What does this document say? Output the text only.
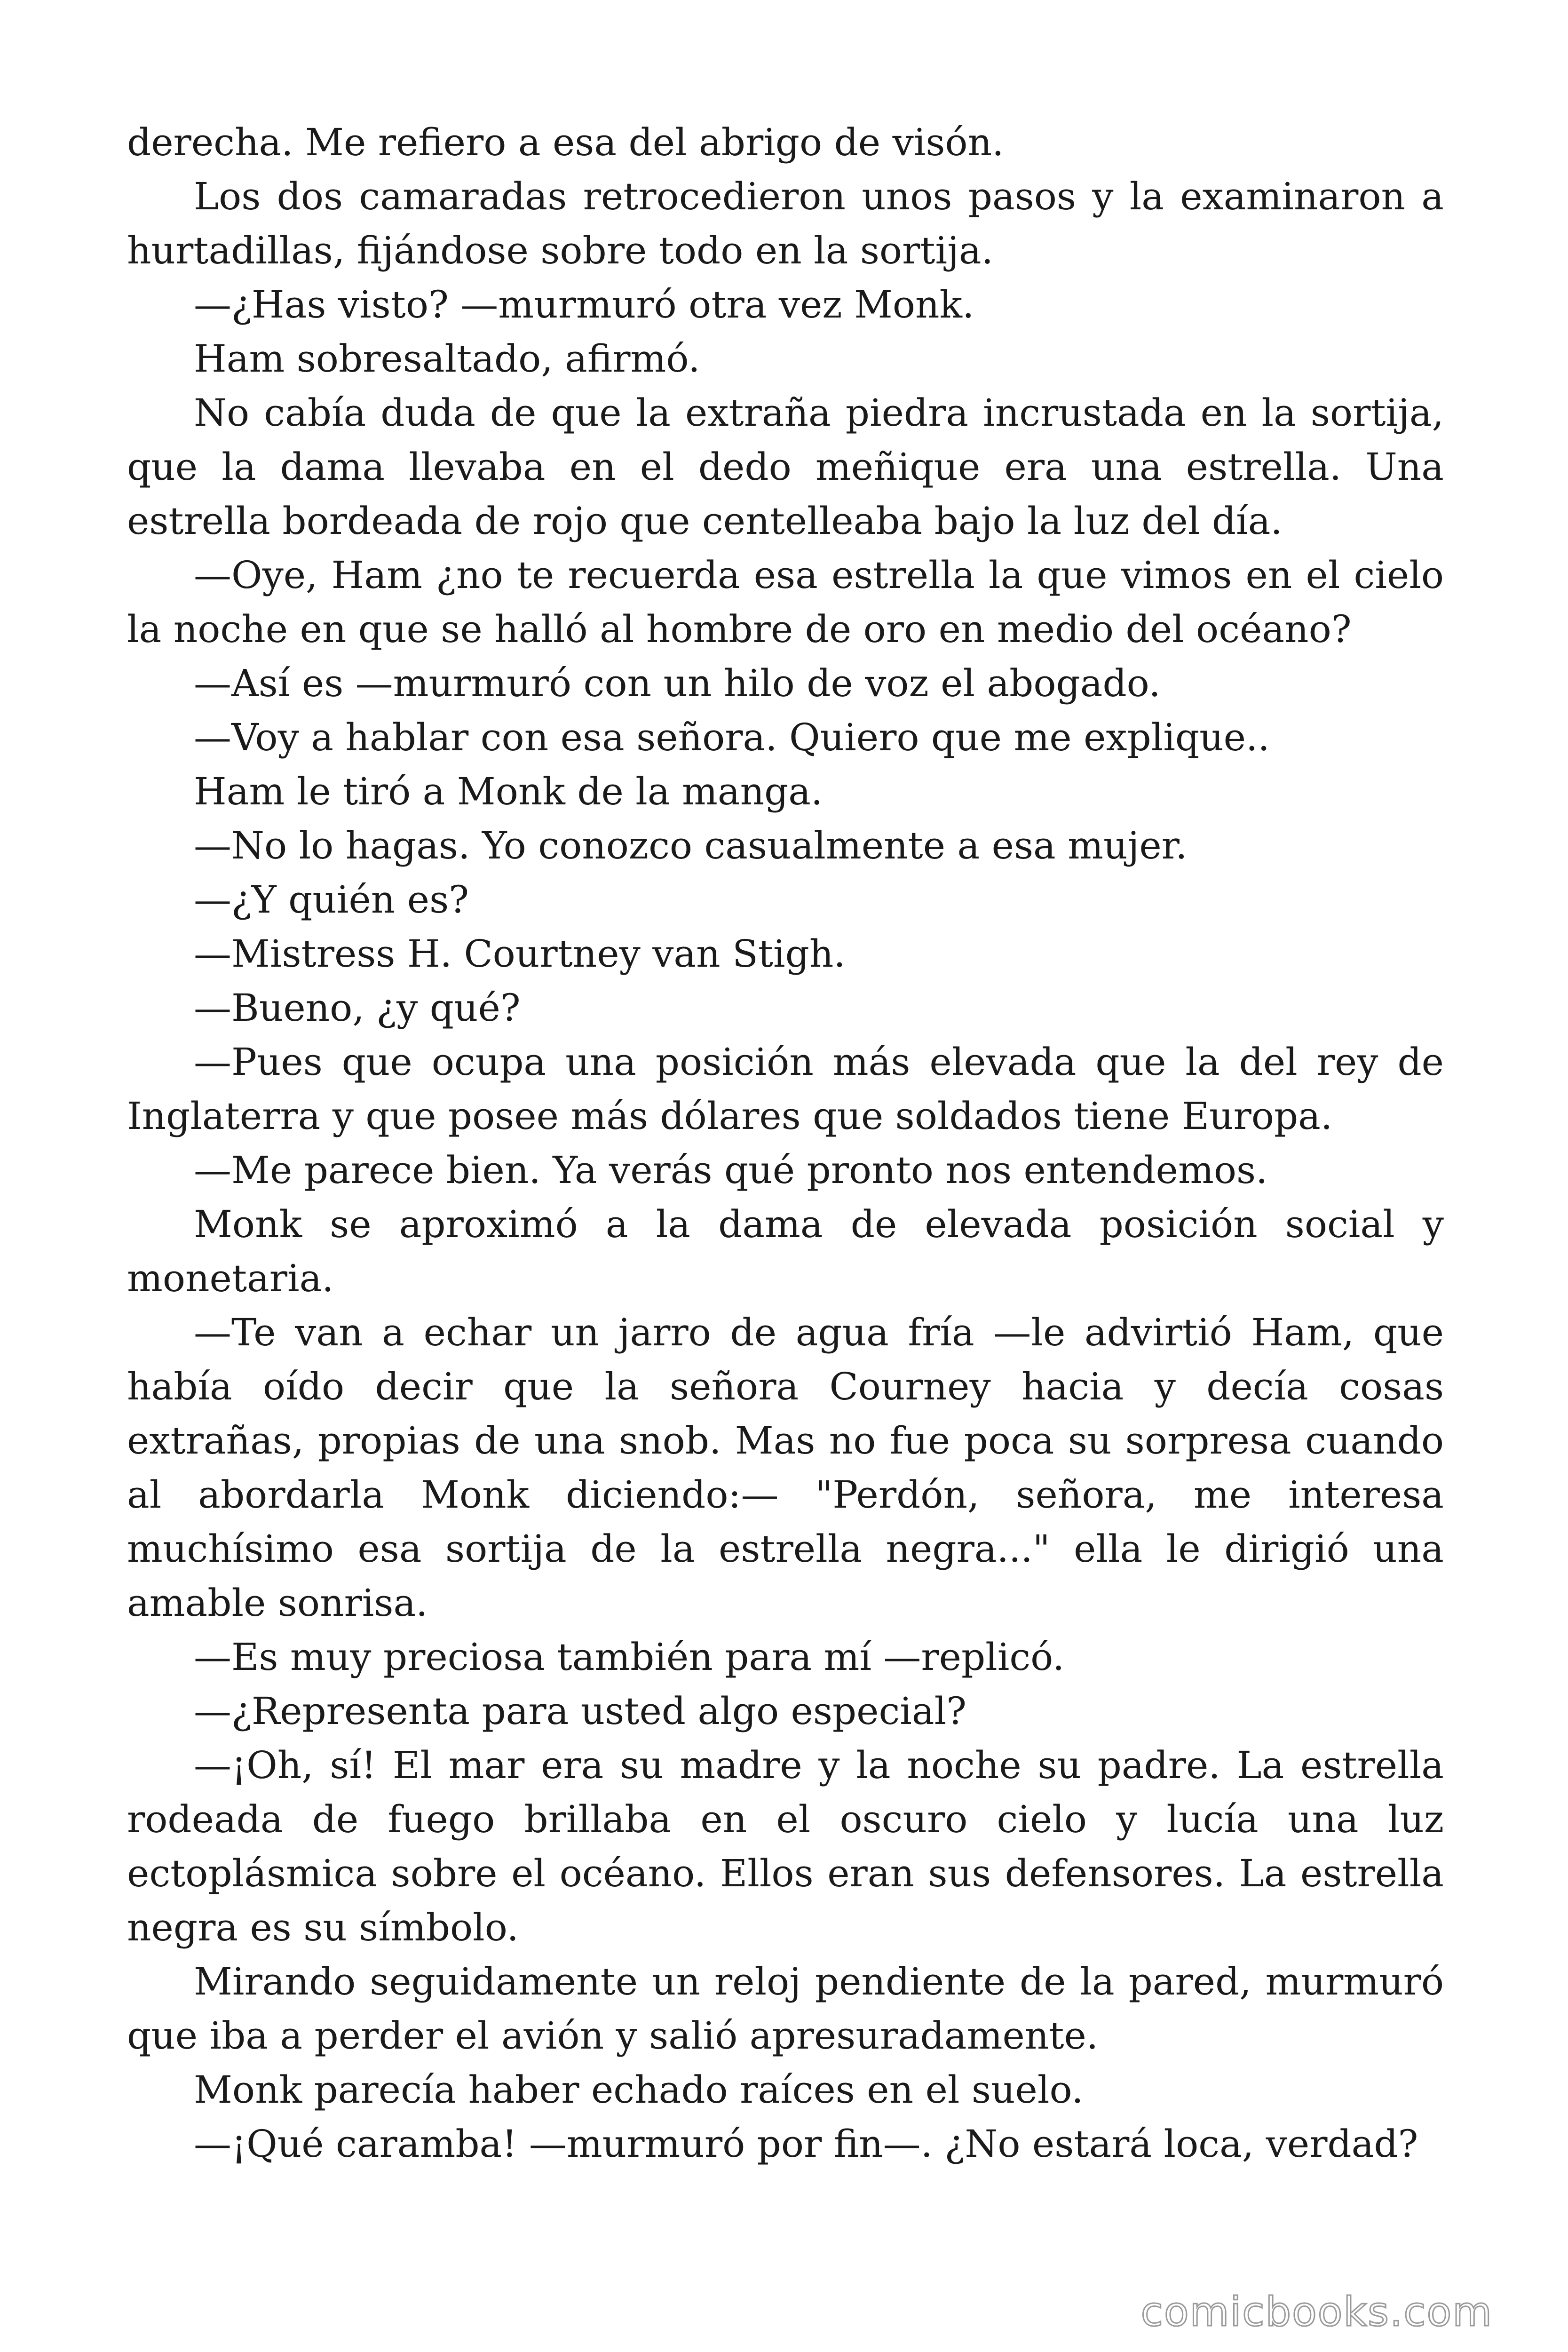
derecha. Me refiero a esa del abrigo de visón.

Los dos camaradas retrocedieron unos pasos y la examinaron a hurtadillas, fijándose sobre todo en la sortija.

—¿Has visto? —murmuró otra vez Monk.

Ham sobresaltado, afirmó.

No cabía duda de que la extraña piedra incrustada en la sortija, que la dama llevaba en el dedo meñique era una estrella. Una estrella bordeada de rojo que centelleaba bajo la luz del día.

—Oye, Ham ¿no te recuerda esa estrella la que vimos en el cielo la noche en que se halló al hombre de oro en medio del océano?

—Así es —murmuró con un hilo de voz el abogado.

—Voy a hablar con esa señora. Quiero que me explique..

Ham le tiró a Monk de la manga.

—No lo hagas. Yo conozco casualmente a esa mujer.

—¿Y quién es?

—Mistress H. Courtney van Stigh.

—Bueno, ¿y qué?

—Pues que ocupa una posición más elevada que la del rey de Inglaterra y que posee más dólares que soldados tiene Europa.

—Me parece bien. Ya verás qué pronto nos entendemos.

Monk se aproximó a la dama de elevada posición social y monetaria.

—Te van a echar un jarro de agua fría —le advirtió Ham, que había oído decir que la señora Courney hacia y decía cosas extrañas, propias de una snob. Mas no fue poca su sorpresa cuando al abordarla Monk diciendo:— "Perdón, señora, me interesa muchísimo esa sortija de la estrella negra..." ella le dirigió una amable sonrisa.

—Es muy preciosa también para mí —replicó.

—¿Representa para usted algo especial?

—¡Oh, sí! El mar era su madre y la noche su padre. La estrella rodeada de fuego brillaba en el oscuro cielo y lucía una luz ectoplásmica sobre el océano. Ellos eran sus defensores. La estrella negra es su símbolo.

Mirando seguidamente un reloj pendiente de la pared, murmuró que iba a perder el avión y salió apresuradamente.

Monk parecía haber echado raíces en el suelo.

—¡Qué caramba! —murmuró por fin—. ¿No estará loca, verdad?

comicbooks.com
